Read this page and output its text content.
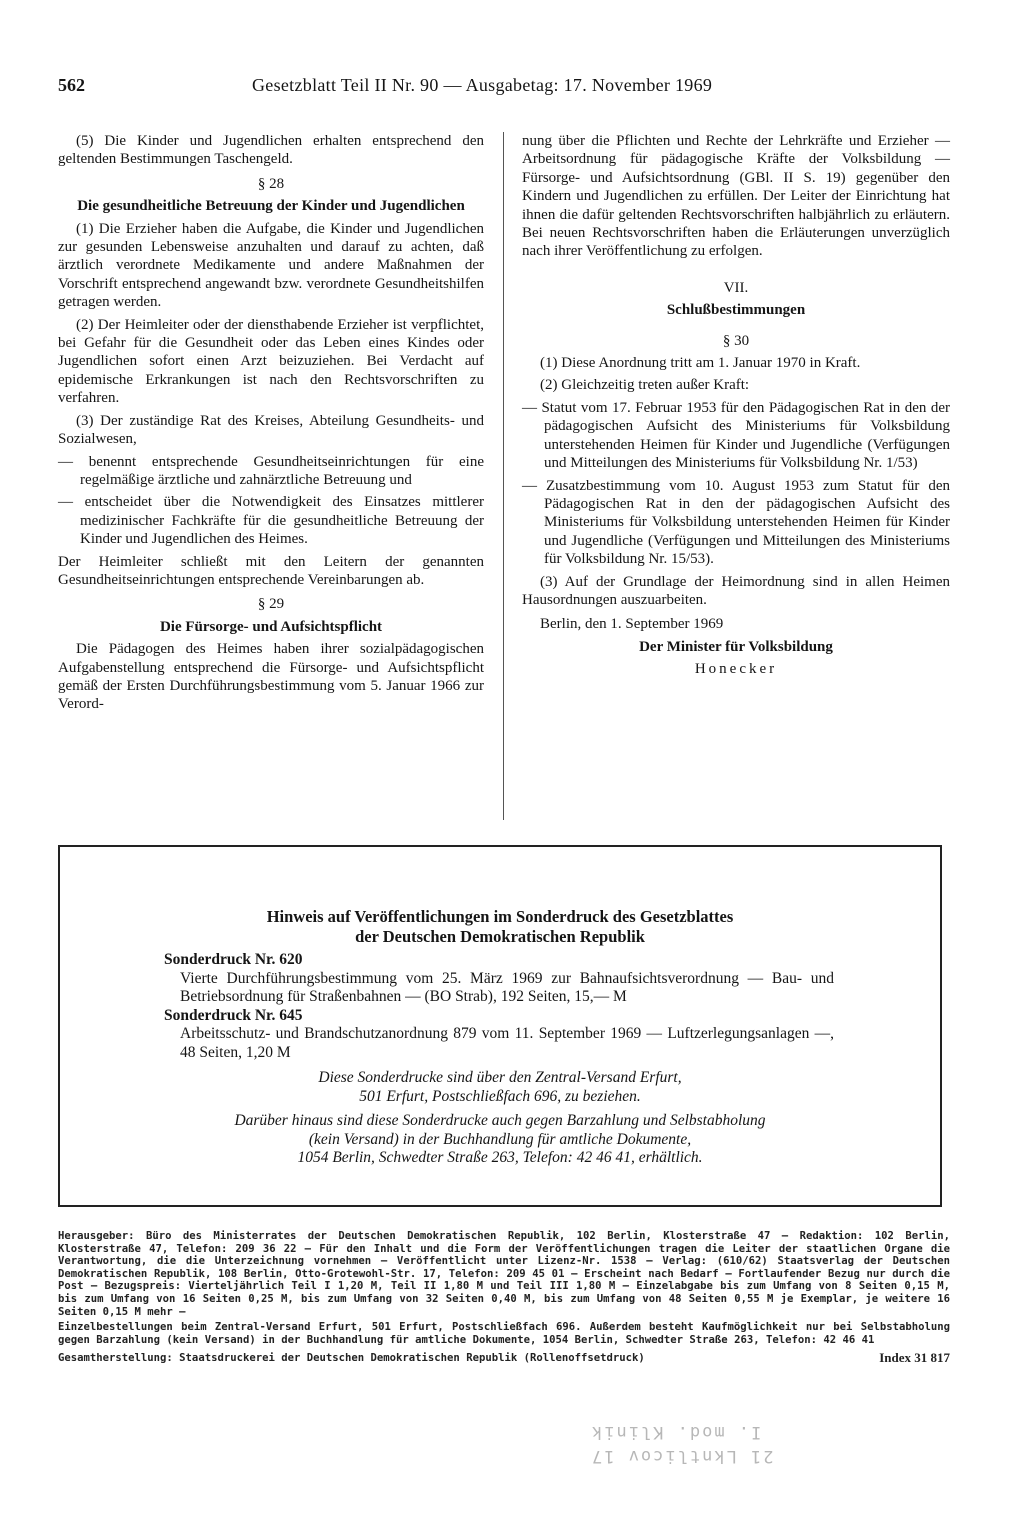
562	Gesetzblatt Teil II Nr. 90 — Ausgabetag: 17. November 1969

(5) Die Kinder und Jugendlichen erhalten entsprechend den geltenden Bestimmungen Taschengeld.

§ 28

Die gesundheitliche Betreuung der Kinder und Jugendlichen

(1) Die Erzieher haben die Aufgabe, die Kinder und Jugendlichen zur gesunden Lebensweise anzuhalten und darauf zu achten, daß ärztlich verordnete Medikamente und andere Maßnahmen der Vorschrift entsprechend angewandt bzw. verordnete Gesundheitshilfen getragen werden.

(2) Der Heimleiter oder der diensthabende Erzieher ist verpflichtet, bei Gefahr für die Gesundheit oder das Leben eines Kindes oder Jugendlichen sofort einen Arzt beizuziehen. Bei Verdacht auf epidemische Erkrankungen ist nach den Rechtsvorschriften zu verfahren.

(3) Der zuständige Rat des Kreises, Abteilung Gesundheits- und Sozialwesen,

— benennt entsprechende Gesundheitseinrichtungen für eine regelmäßige ärztliche und zahnärztliche Betreuung und

— entscheidet über die Notwendigkeit des Einsatzes mittlerer medizinischer Fachkräfte für die gesundheitliche Betreuung der Kinder und Jugendlichen des Heimes.

Der Heimleiter schließt mit den Leitern der genannten Gesundheitseinrichtungen entsprechende Vereinbarungen ab.

§ 29

Die Fürsorge- und Aufsichtspflicht

Die Pädagogen des Heimes haben ihrer sozialpädagogischen Aufgabenstellung entsprechend die Fürsorge- und Aufsichtspflicht gemäß der Ersten Durchführungsbestimmung vom 5. Januar 1966 zur Verord-

nung über die Pflichten und Rechte der Lehrkräfte und Erzieher — Arbeitsordnung für pädagogische Kräfte der Volksbildung — Fürsorge- und Aufsichtsordnung (GBl. II S. 19) gegenüber den Kindern und Jugendlichen zu erfüllen. Der Leiter der Einrichtung hat ihnen die dafür geltenden Rechtsvorschriften halbjährlich zu erläutern. Bei neuen Rechtsvorschriften haben die Erläuterungen unverzüglich nach ihrer Veröffentlichung zu erfolgen.

VII.

Schlußbestimmungen

§ 30

(1) Diese Anordnung tritt am 1. Januar 1970 in Kraft.

(2) Gleichzeitig treten außer Kraft:

— Statut vom 17. Februar 1953 für den Pädagogischen Rat in den der pädagogischen Aufsicht des Ministeriums für Volksbildung unterstehenden Heimen für Kinder und Jugendliche (Verfügungen und Mitteilungen des Ministeriums für Volksbildung Nr. 1/53)

— Zusatzbestimmung vom 10. August 1953 zum Statut für den Pädagogischen Rat in den der pädagogischen Aufsicht des Ministeriums für Volksbildung unterstehenden Heimen für Kinder und Jugendliche (Verfügungen und Mitteilungen des Ministeriums für Volksbildung Nr. 15/53).

(3) Auf der Grundlage der Heimordnung sind in allen Heimen Hausordnungen auszuarbeiten.

Berlin, den 1. September 1969

Der Minister für Volksbildung

Honecker

Hinweis auf Veröffentlichungen im Sonderdruck des Gesetzblattes
der Deutschen Demokratischen Republik
Sonderdruck Nr. 620
Vierte Durchführungsbestimmung vom 25. März 1969 zur Bahnaufsichtsverordnung — Bau- und Betriebsordnung für Straßenbahnen — (BO Strab), 192 Seiten, 15,— M
Sonderdruck Nr. 645
Arbeitsschutz- und Brandschutzanordnung 879 vom 11. September 1969 — Luftzerlegungsanlagen —, 48 Seiten, 1,20 M
Diese Sonderdrucke sind über den Zentral-Versand Erfurt,
501 Erfurt, Postschließfach 696, zu beziehen.
Darüber hinaus sind diese Sonderdrucke auch gegen Barzahlung und Selbstabholung
(kein Versand) in der Buchhandlung für amtliche Dokumente,
1054 Berlin, Schwedter Straße 263, Telefon: 42 46 41, erhältlich.
Herausgeber: Büro des Ministerrates der Deutschen Demokratischen Republik, 102 Berlin, Klosterstraße 47 – Redaktion: 102 Berlin, Klosterstraße 47, Telefon: 209 36 22 – Für den Inhalt und die Form der Veröffentlichungen tragen die Leiter der staatlichen Organe die Verantwortung, die die Unterzeichnung vornehmen – Veröffentlicht unter Lizenz-Nr. 1538 – Verlag: (610/62) Staatsverlag der Deutschen Demokratischen Republik, 108 Berlin, Otto-Grotewohl-Str. 17, Telefon: 209 45 01 – Erscheint nach Bedarf – Fortlaufender Bezug nur durch die Post – Bezugspreis: Vierteljährlich Teil I 1,20 M, Teil II 1,80 M und Teil III 1,80 M – Einzelabgabe bis zum Umfang von 8 Seiten 0,15 M, bis zum Umfang von 16 Seiten 0,25 M, bis zum Umfang von 32 Seiten 0,40 M, bis zum Umfang von 48 Seiten 0,55 M je Exemplar, je weitere 16 Seiten 0,15 M mehr –
Einzelbestellungen beim Zentral-Versand Erfurt, 501 Erfurt, Postschließfach 696. Außerdem besteht Kaufmöglichkeit nur bei Selbstabholung gegen Barzahlung (kein Versand) in der Buchhandlung für amtliche Dokumente, 1054 Berlin, Schwedter Straße 263, Telefon: 42 46 41
Gesamtherstellung: Staatsdruckerei der Deutschen Demokratischen Republik (Rollenoffsetdruck)	Index 31 817
21 Lkntlicov 17
I. mod. Klinik
